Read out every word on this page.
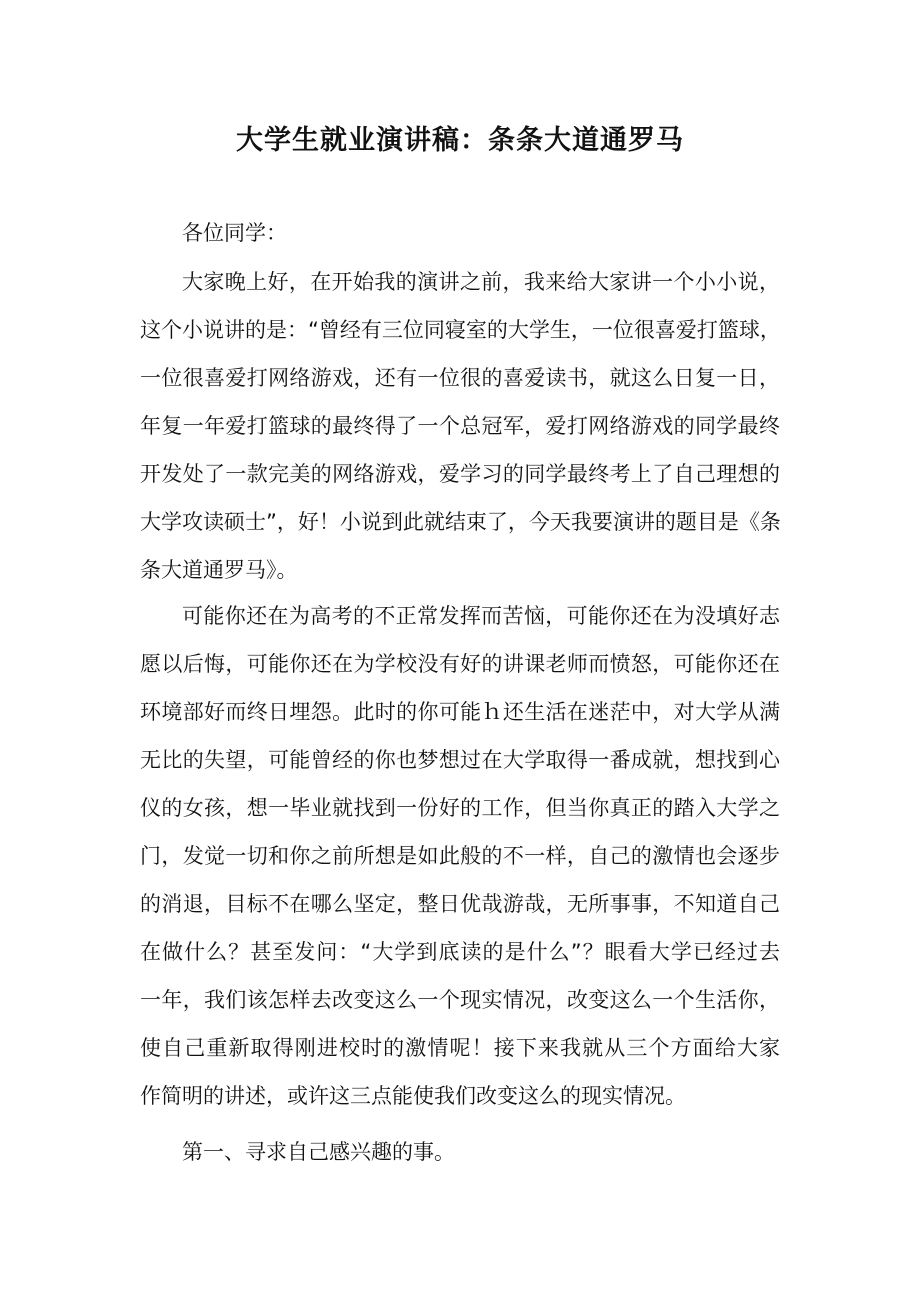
大学生就业演讲稿：条条大道通罗马
各位同学：
大家晚上好，在开始我的演讲之前，我来给大家讲一个小小说，
这个小说讲的是：“曾经有三位同寝室的大学生，一位很喜爱打篮球，
一位很喜爱打网络游戏，还有一位很的喜爱读书，就这么日复一日，
年复一年爱打篮球的最终得了一个总冠军，爱打网络游戏的同学最终
开发处了一款完美的网络游戏，爱学习的同学最终考上了自己理想的
大学攻读硕士”，好！小说到此就结束了，今天我要演讲的题目是《条
条大道通罗马》。
可能你还在为高考的不正常发挥而苦恼，可能你还在为没填好志
愿以后悔，可能你还在为学校没有好的讲课老师而愤怒，可能你还在
环境部好而终日埋怨。此时的你可能ｈ还生活在迷茫中，对大学从满
无比的失望，可能曾经的你也梦想过在大学取得一番成就，想找到心
仪的女孩，想一毕业就找到一份好的工作，但当你真正的踏入大学之
门，发觉一切和你之前所想是如此般的不一样，自己的激情也会逐步
的消退，目标不在哪么坚定，整日优哉游哉，无所事事，不知道自己
在做什么？甚至发问：“大学到底读的是什么”？眼看大学已经过去
一年，我们该怎样去改变这么一个现实情况，改变这么一个生活你，
使自己重新取得刚进校时的激情呢！接下来我就从三个方面给大家
作简明的讲述，或许这三点能使我们改变这么的现实情况。
第一、寻求自己感兴趣的事。
